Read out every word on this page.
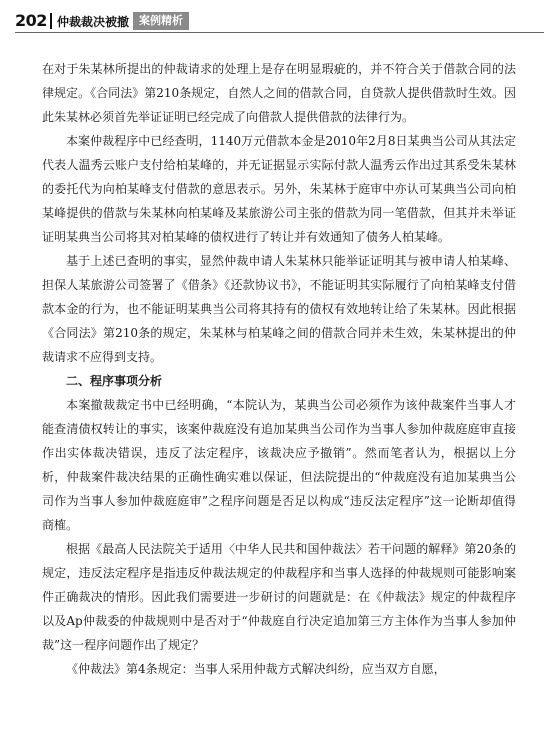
202 仲裁裁决被撤 案例精析

在对于朱某林所提出的仲裁请求的处理上是存在明显瑕疵的，并不符合关于借款合同的法律规定。《合同法》第210条规定，自然人之间的借款合同，自贷款人提供借款时生效。因此朱某林必须首先举证证明已经完成了向借款人提供借款的法律行为。

本案仲裁程序中已经查明，1140万元借款本金是2010年2月8日某典当公司从其法定代表人温秀云账户支付给柏某峰的，并无证据显示实际付款人温秀云作出过其系受朱某林的委托代为向柏某峰支付借款的意思表示。另外，朱某林于庭审中亦认可某典当公司向柏某峰提供的借款与朱某林向柏某峰及某旅游公司主张的借款为同一笔借款，但其并未举证证明某典当公司将其对柏某峰的债权进行了转让并有效通知了债务人柏某峰。

基于上述已查明的事实，显然仲裁申请人朱某林只能举证证明其与被申请人柏某峰、担保人某旅游公司签署了《借条》《还款协议书》，不能证明其实际履行了向柏某峰支付借款本金的行为，也不能证明某典当公司将其持有的债权有效地转让给了朱某林。因此根据《合同法》第210条的规定，朱某林与柏某峰之间的借款合同并未生效，朱某林提出的仲裁请求不应得到支持。

二、程序事项分析

本案撤裁裁定书中已经明确，“本院认为，某典当公司必须作为该仲裁案件当事人才能查清债权转让的事实，该案仲裁庭没有追加某典当公司作为当事人参加仲裁庭庭审直接作出实体裁决错误，违反了法定程序，该裁决应予撤销”。然而笔者认为，根据以上分析，仲裁案件裁决结果的正确性确实难以保证，但法院提出的“仲裁庭没有追加某典当公司作为当事人参加仲裁庭庭审”之程序问题是否足以构成“违反法定程序”这一论断却值得商榷。

根据《最高人民法院关于适用〈中华人民共和国仲裁法〉若干问题的解释》第20条的规定，违反法定程序是指违反仲裁法规定的仲裁程序和当事人选择的仲裁规则可能影响案件正确裁决的情形。因此我们需要进一步研讨的问题就是：在《仲裁法》规定的仲裁程序以及Ap仲裁委的仲裁规则中是否对于“仲裁庭自行决定追加第三方主体作为当事人参加仲裁”这一程序问题作出了规定？

《仲裁法》第4条规定：当事人采用仲裁方式解决纠纷，应当双方自愿，
